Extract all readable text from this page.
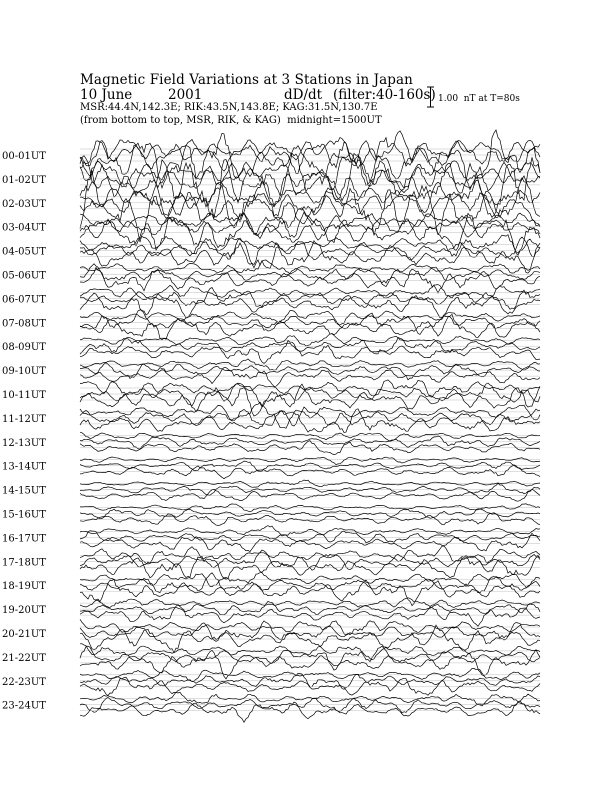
Magnetic Field Variations at 3 Stations in Japan

10 June

	2001

	dD/dt

(filter:40-160s)

MSR:44.4N,142.3E; RIK:43.5N,143.8E; KAG:31.5N,130.7E
(from bottom to top, MSR, RIK, & KAG)  midnight=1500UT
1.00  nT at T=80s
00-01UT
01-02UT
02-03UT
03-04UT
04-05UT
05-06UT
06-07UT
07-08UT
08-09UT
09-10UT
10-11UT
11-12UT
12-13UT
13-14UT
14-15UT
15-16UT
16-17UT
17-18UT
18-19UT
19-20UT
20-21UT
21-22UT
22-23UT
23-24UT
